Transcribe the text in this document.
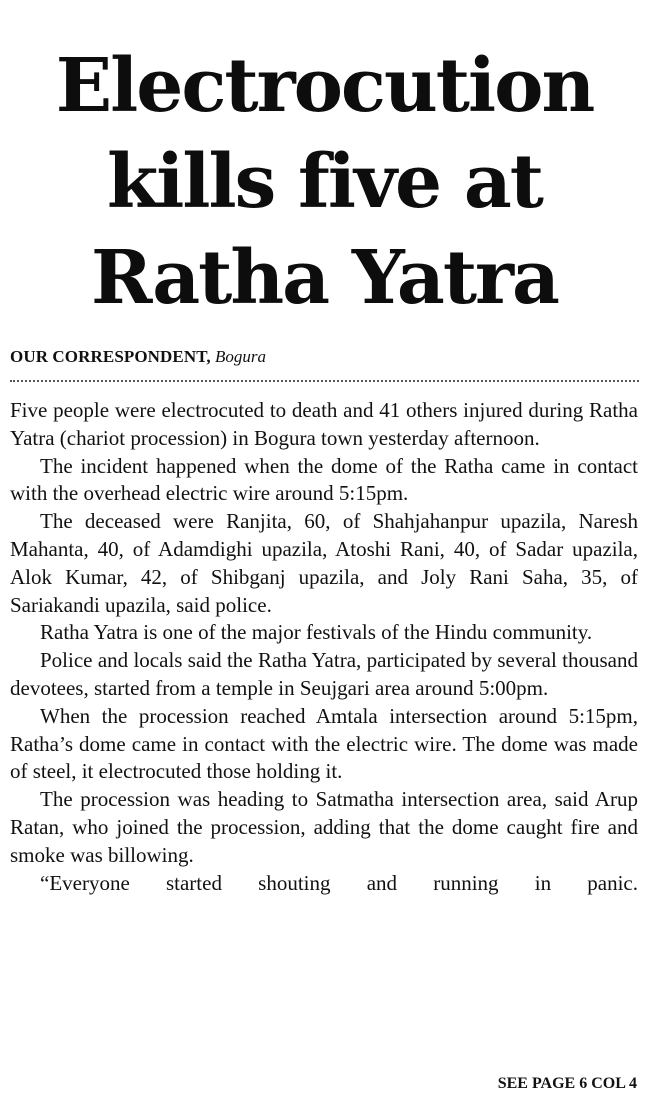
Electrocution
kills five at
Ratha Yatra
OUR CORRESPONDENT, Bogura

Five people were electrocuted to death and 41 others injured during Ratha Yatra (chariot procession) in Bogura town yesterday afternoon.

The incident happened when the dome of the Ratha came in contact with the overhead electric wire around 5:15pm.

The deceased were Ranjita, 60, of Shahjahanpur upazila, Naresh Mahanta, 40, of Adamdighi upazila, Atoshi Rani, 40, of Sadar upazila, Alok Kumar, 42, of Shibganj upazila, and Joly Rani Saha, 35, of Sariakandi upazila, said police.

Ratha Yatra is one of the major festivals of the Hindu community.

Police and locals said the Ratha Yatra, participated by several thousand devotees, started from a temple in Seujgari area around 5:00pm.

When the procession reached Amtala intersection around 5:15pm, Ratha’s dome came in contact with the electric wire. The dome was made of steel, it electrocuted those holding it.

The procession was heading to Satmatha intersection area, said Arup Ratan, who joined the procession, adding that the dome caught fire and smoke was billowing.

“Everyone started shouting and running in panic.

SEE PAGE 6 COL 4
